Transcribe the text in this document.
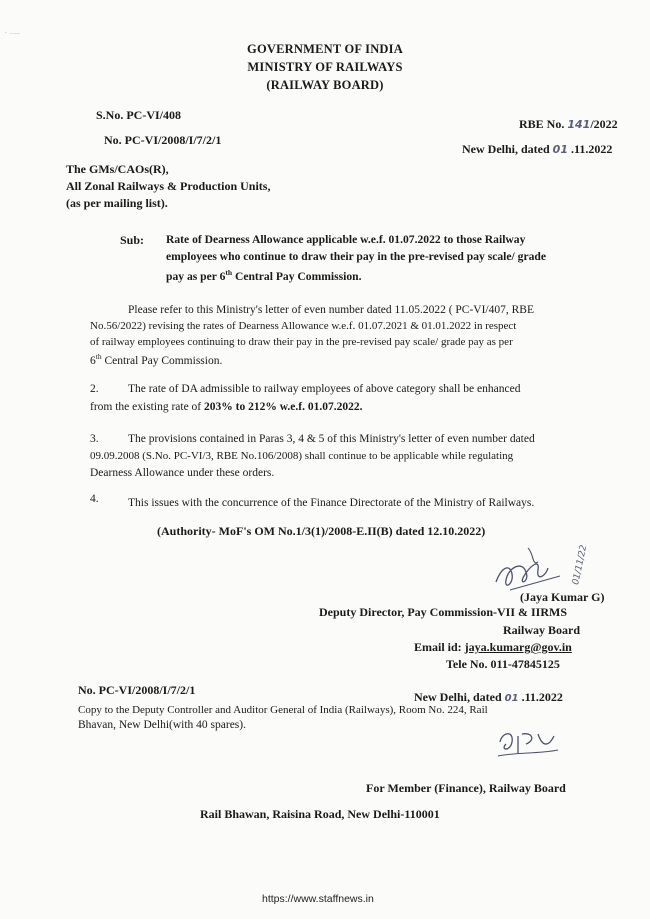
· —
GOVERNMENT OF INDIA
MINISTRY OF RAILWAYS
(RAILWAY BOARD)
S.No. PC-VI/408
RBE No. 141/2022
No. PC-VI/2008/I/7/2/1
New Delhi, dated 01 .11.2022
The GMs/CAOs(R),
All Zonal Railways & Production Units,
(as per mailing list).
Sub: Rate of Dearness Allowance applicable w.e.f. 01.07.2022 to those Railway
employees who continue to draw their pay in the pre-revised pay scale/ grade
pay as per 6th Central Pay Commission.
Please refer to this Ministry's letter of even number dated 11.05.2022 ( PC-VI/407, RBE
No.56/2022) revising the rates of Dearness Allowance w.e.f. 01.07.2021 & 01.01.2022 in respect
of railway employees continuing to draw their pay in the pre-revised pay scale/ grade pay as per
6th Central Pay Commission.
2.	The rate of DA admissible to railway employees of above category shall be enhanced
from the existing rate of 203% to 212% w.e.f. 01.07.2022.
3.	The provisions contained in Paras 3, 4 & 5 of this Ministry's letter of even number dated
09.09.2008 (S.No. PC-VI/3, RBE No.106/2008) shall continue to be applicable while regulating
Dearness Allowance under these orders.
4.	This issues with the concurrence of the Finance Directorate of the Ministry of Railways.
(Authority- MoF's OM No.1/3(1)/2008-E.II(B) dated 12.10.2022)
01/11/22
(Jaya Kumar G)
Deputy Director, Pay Commission-VII & IIRMS
Railway Board
Email id: jaya.kumarg@gov.in
Tele No. 011-47845125
No. PC-VI/2008/I/7/2/1	New Delhi, dated 01 .11.2022
Copy to the Deputy Controller and Auditor General of India (Railways), Room No. 224, Rail
Bhavan, New Delhi(with 40 spares).
For Member (Finance), Railway Board
Rail Bhawan, Raisina Road, New Delhi-110001
https://www.staffnews.in
